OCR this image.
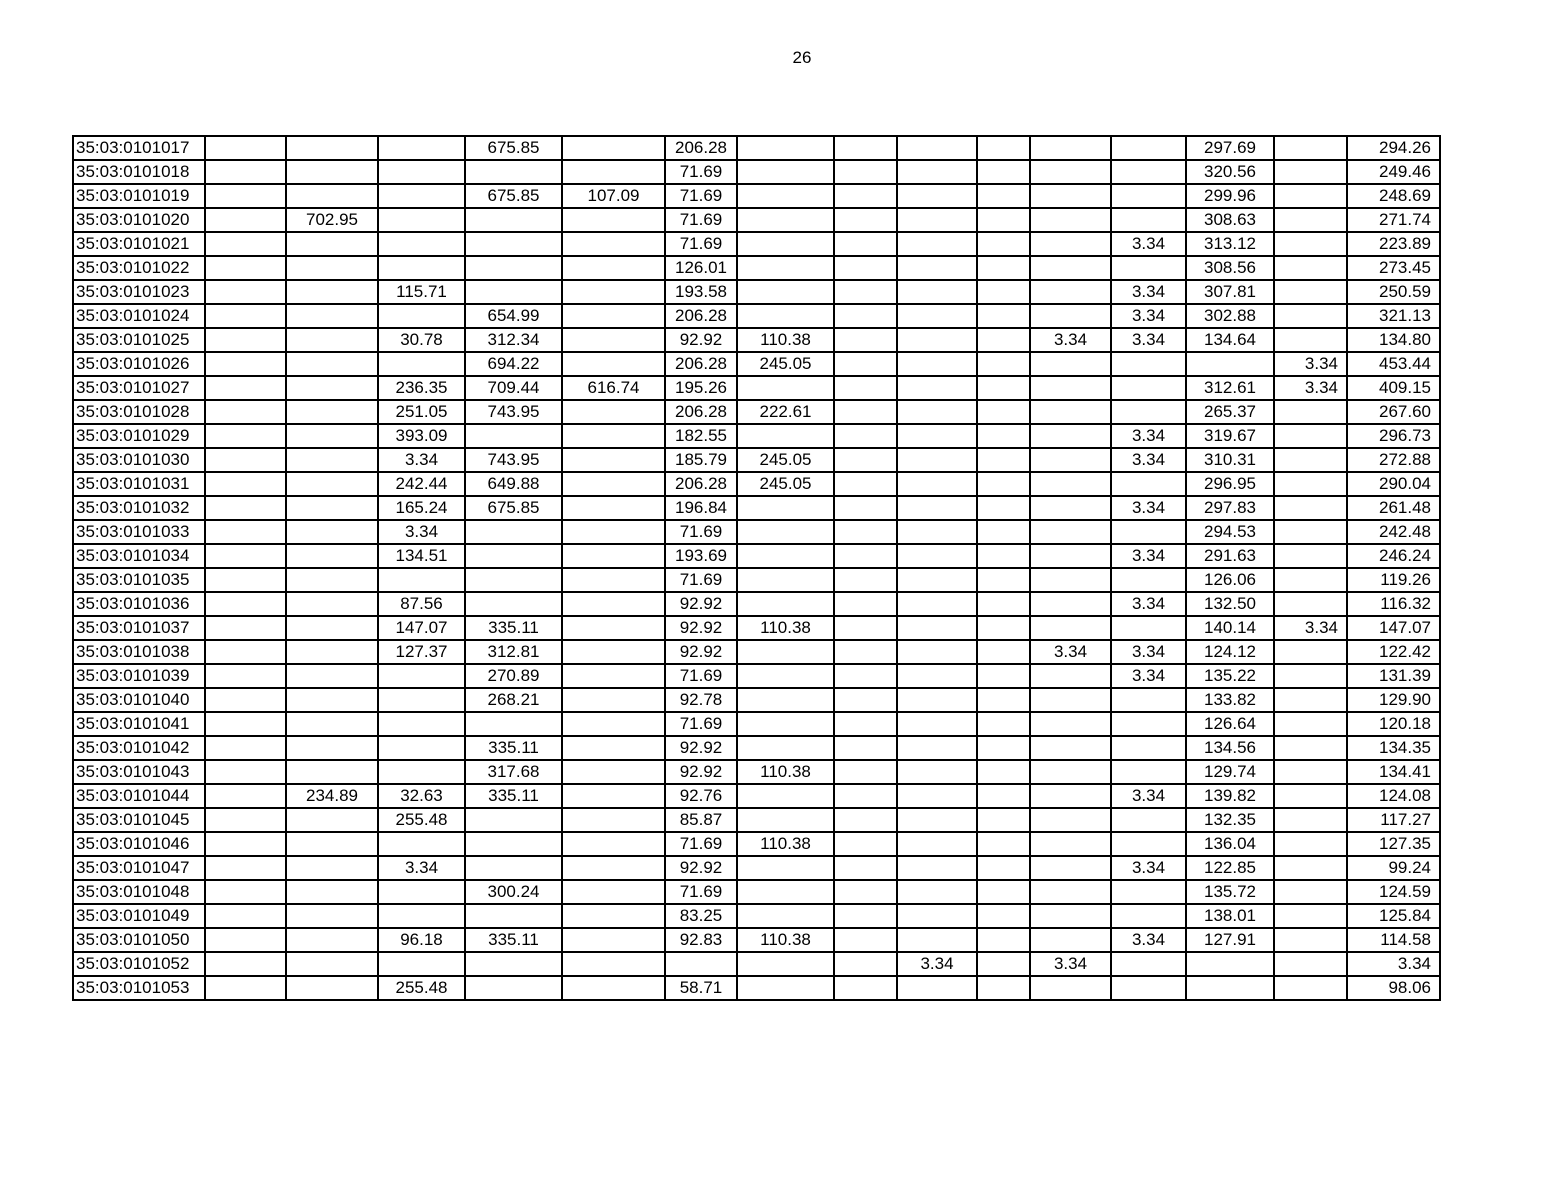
26
35:03:0101017				675.85		206.28							297.69		294.26
35:03:0101018						71.69							320.56		249.46
35:03:0101019				675.85	107.09	71.69							299.96		248.69
35:03:0101020		702.95				71.69							308.63		271.74
35:03:0101021						71.69						3.34	313.12		223.89
35:03:0101022						126.01							308.56		273.45
35:03:0101023			115.71			193.58						3.34	307.81		250.59
35:03:0101024				654.99		206.28						3.34	302.88		321.13
35:03:0101025			30.78	312.34		92.92	110.38				3.34	3.34	134.64		134.80
35:03:0101026				694.22		206.28	245.05							3.34	453.44
35:03:0101027			236.35	709.44	616.74	195.26							312.61	3.34	409.15
35:03:0101028			251.05	743.95		206.28	222.61						265.37		267.60
35:03:0101029			393.09			182.55						3.34	319.67		296.73
35:03:0101030			3.34	743.95		185.79	245.05					3.34	310.31		272.88
35:03:0101031			242.44	649.88		206.28	245.05						296.95		290.04
35:03:0101032			165.24	675.85		196.84						3.34	297.83		261.48
35:03:0101033			3.34			71.69							294.53		242.48
35:03:0101034			134.51			193.69						3.34	291.63		246.24
35:03:0101035						71.69							126.06		119.26
35:03:0101036			87.56			92.92						3.34	132.50		116.32
35:03:0101037			147.07	335.11		92.92	110.38						140.14	3.34	147.07
35:03:0101038			127.37	312.81		92.92					3.34	3.34	124.12		122.42
35:03:0101039				270.89		71.69						3.34	135.22		131.39
35:03:0101040				268.21		92.78							133.82		129.90
35:03:0101041						71.69							126.64		120.18
35:03:0101042				335.11		92.92							134.56		134.35
35:03:0101043				317.68		92.92	110.38						129.74		134.41
35:03:0101044		234.89	32.63	335.11		92.76						3.34	139.82		124.08
35:03:0101045			255.48			85.87							132.35		117.27
35:03:0101046						71.69	110.38						136.04		127.35
35:03:0101047			3.34			92.92						3.34	122.85		99.24
35:03:0101048				300.24		71.69							135.72		124.59
35:03:0101049						83.25							138.01		125.84
35:03:0101050			96.18	335.11		92.83	110.38					3.34	127.91		114.58
35:03:0101052									3.34		3.34				3.34
35:03:0101053			255.48			58.71									98.06
